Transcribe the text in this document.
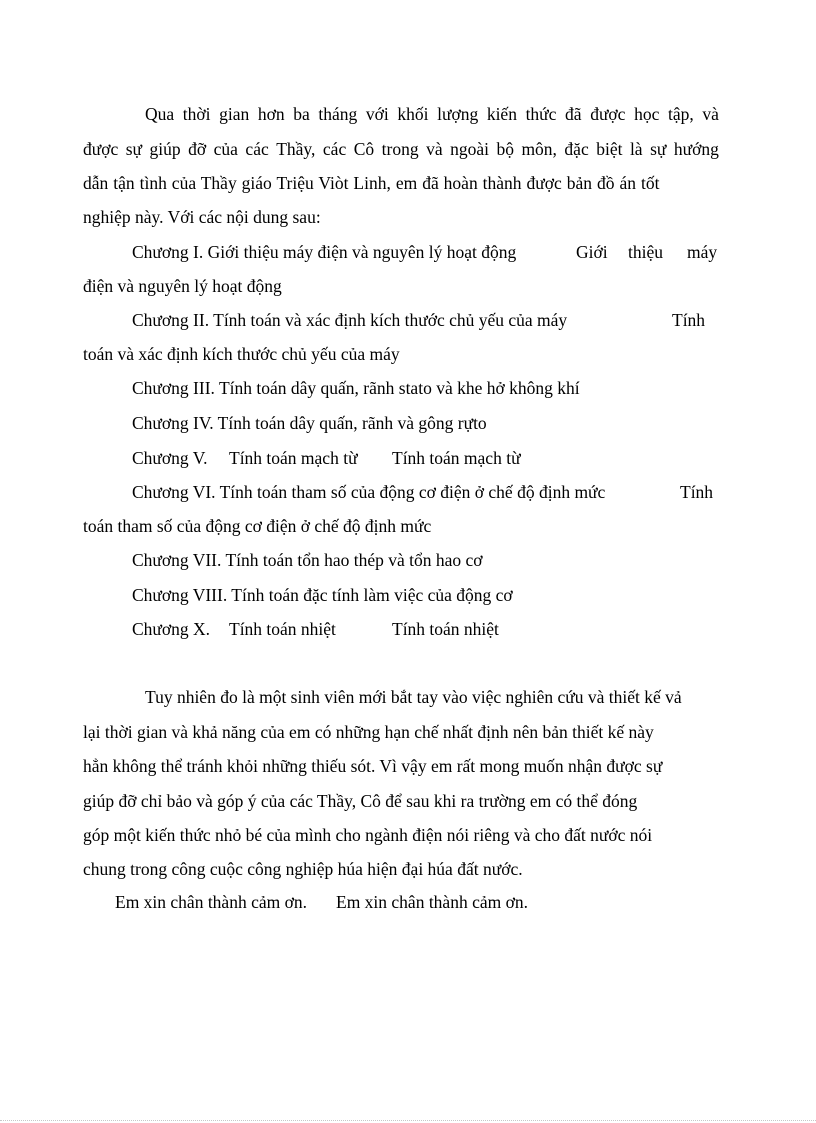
Qua thời gian hơn ba tháng với khối lượng kiến thức đã được học tập, và
được sự giúp đỡ của các Thầy, các Cô trong và ngoài bộ môn, đặc biệt là sự hướng
dẫn tận tình của Thầy giáo Triệu Viòt Linh, em đã hoàn thành được bản đồ án tốt
nghiệp này. Với các nội dung sau:
Chương I. Giới thiệu máy điện và nguyên lý hoạt động	Giới thiệu máy
điện và nguyên lý hoạt động
Chương II. Tính toán và xác định kích thước chủ yếu của máy	Tính
toán và xác định kích thước chủ yếu của máy
Chương III. Tính toán dây quấn, rãnh stato và khe hở không khí
Chương IV. Tính toán dây quấn, rãnh và gông rựto
Chương V. Tính toán mạch từ Tính toán mạch từ
Chương VI. Tính toán tham số của động cơ điện ở chế độ định mức	Tính
toán tham số của động cơ điện ở chế độ định mức
Chương VII. Tính toán tổn hao thép và tổn hao cơ
Chương VIII. Tính toán đặc tính làm việc của động cơ
Chương X. Tính toán nhiệt	Tính toán nhiệt
Tuy nhiên đo là một sinh viên mới bắt tay vào việc nghiên cứu và thiết kế vả
lại thời gian và khả năng của em có những hạn chế nhất định nên bản thiết kế này
hẳn không thể tránh khỏi những thiếu sót. Vì vậy em rất mong muốn nhận được sự
giúp đỡ chỉ bảo và góp ý của các Thầy, Cô để sau khi ra trường em có thể đóng
góp một kiến thức nhỏ bé của mình cho ngành điện nói riêng và cho đất nước nói
chung trong công cuộc công nghiệp húa hiện đại húa đất nước.
Em xin chân thành cảm ơn. Em xin chân thành cảm ơn.
